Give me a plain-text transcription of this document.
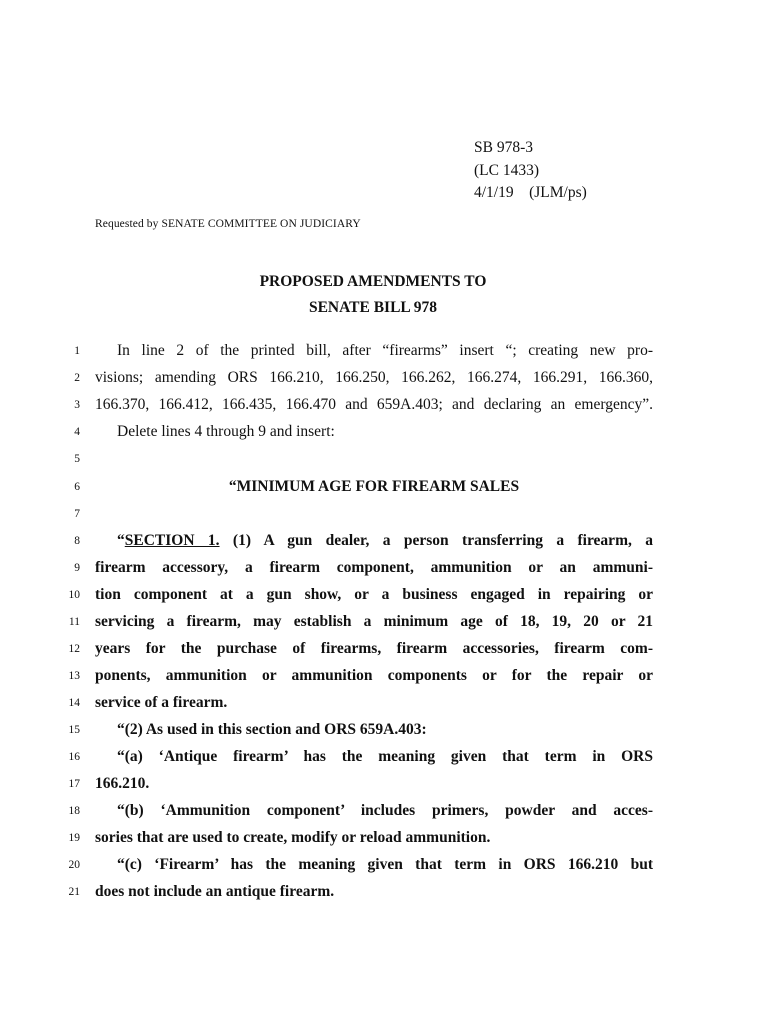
SB 978-3
(LC 1433)
4/1/19    (JLM/ps)
Requested by SENATE COMMITTEE ON JUDICIARY
PROPOSED AMENDMENTS TO
SENATE BILL 978
1
2
3
4
5
6
7
8
9
10
11
12
13
14
15
16
17
18
19
20
21
In line 2 of the printed bill, after “firearms” insert “; creating new pro-
visions; amending ORS 166.210, 166.250, 166.262, 166.274, 166.291, 166.360,
166.370, 166.412, 166.435, 166.470 and 659A.403; and declaring an emergency”.
Delete lines 4 through 9 and insert:
“MINIMUM AGE FOR FIREARM SALES
“SECTION 1. (1) A gun dealer, a person transferring a firearm, a
firearm accessory, a firearm component, ammunition or an ammuni-
tion component at a gun show, or a business engaged in repairing or
servicing a firearm, may establish a minimum age of 18, 19, 20 or 21
years for the purchase of firearms, firearm accessories, firearm com-
ponents, ammunition or ammunition components or for the repair or
service of a firearm.
“(2) As used in this section and ORS 659A.403:
“(a) ‘Antique firearm’ has the meaning given that term in ORS
166.210.
“(b) ‘Ammunition component’ includes primers, powder and acces-
sories that are used to create, modify or reload ammunition.
“(c) ‘Firearm’ has the meaning given that term in ORS 166.210 but
does not include an antique firearm.
